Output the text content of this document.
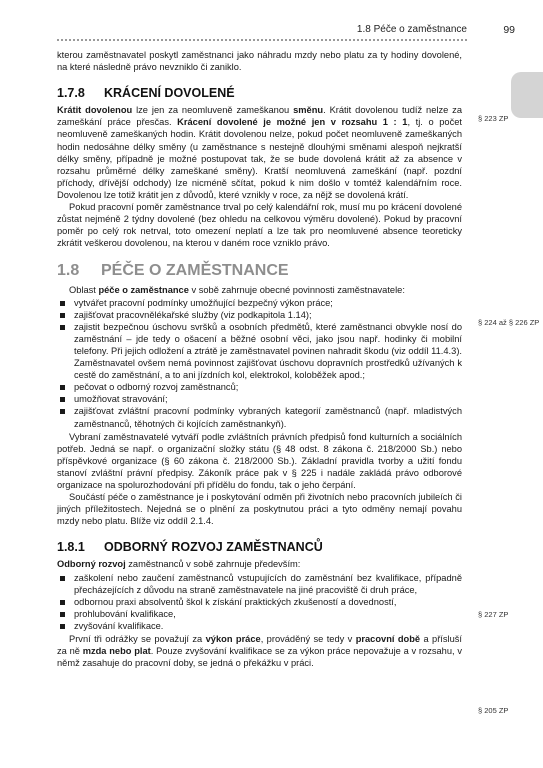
1.8 Péče o zaměstnance	99
§ 223 ZP
§ 224 až § 226 ZP
§ 227 ZP
§ 205 ZP

kterou zaměstnavatel poskytl zaměstnanci jako náhradu mzdy nebo platu za ty hodiny dovolené, na které následně právo nevzniklo či zaniklo.

1.7.8 KRÁCENÍ DOVOLENÉ

Krátit dovolenou lze jen za neomluveně zameškanou směnu. Krátit dovolenou tudíž nelze za zameškání práce přesčas. Krácení dovolené je možné jen v rozsahu 1 : 1, tj. o počet neomluveně zameškaných hodin. Krátit dovolenou nelze, pokud počet neomluveně zameškaných hodin nedosáhne délky směny (u zaměstnance s nestejně dlouhými směnami alespoň nejkratší délky směny, případně je možné postupovat tak, že se bude dovolená krátit až za absence v rozsahu průměrné délky zameškané směny). Kratší neomluvená zameškání (např. pozdní příchody, dřívější odchody) lze nicméně sčítat, pokud k nim došlo v tomtéž kalendářním roce. Dovolenou lze totiž krátit jen z důvodů, které vznikly v roce, za nějž se dovolená krátí.

Pokud pracovní poměr zaměstnance trval po celý kalendářní rok, musí mu po krácení dovolené zůstat nejméně 2 týdny dovolené (bez ohledu na celkovou výměru dovolené). Pokud by pracovní poměr po celý rok netrval, toto omezení neplatí a lze tak pro neomluvené absence teoreticky zkrátit veškerou dovolenou, na kterou v daném roce vzniklo právo.

1.8 PÉČE O ZAMĚSTNANCE

Oblast péče o zaměstnance v sobě zahrnuje obecné povinnosti zaměstnavatele:

vytvářet pracovní podmínky umožňující bezpečný výkon práce;
zajišťovat pracovnělékařské služby (viz podkapitola 1.14);
zajistit bezpečnou úschovu svršků a osobních předmětů, které zaměstnanci obvykle nosí do zaměstnání – jde tedy o ošacení a běžné osobní věci, jako jsou např. hodinky či mobilní telefony. Při jejich odložení a ztrátě je zaměstnavatel povinen nahradit škodu (viz oddíl 11.4.3). Zaměstnavatel ovšem nemá povinnost zajišťovat úschovu dopravních prostředků užívaných k cestě do zaměstnání, a to ani jízdních kol, elektrokol, koloběžek apod.;
pečovat o odborný rozvoj zaměstnanců;
umožňovat stravování;
zajišťovat zvláštní pracovní podmínky vybraných kategorií zaměstnanců (např. mladistvých zaměstnanců, těhotných či kojících zaměstnankyň).

Vybraní zaměstnavatelé vytváří podle zvláštních právních předpisů fond kulturních a sociálních potřeb. Jedná se např. o organizační složky státu (§ 48 odst. 8 zákona č. 218/2000 Sb.) nebo příspěvkové organizace (§ 60 zákona č. 218/2000 Sb.). Základní pravidla tvorby a užití fondu stanoví zvláštní právní předpisy. Zákoník práce pak v § 225 i nadále zakládá právo odborové organizace na spolurozhodování při přídělu do fondu, tak o jeho čerpání.

Součástí péče o zaměstnance je i poskytování odměn při životních nebo pracovních jubileích či jiných příležitostech. Nejedná se o plnění za poskytnutou práci a tyto odměny nemají povahu mzdy nebo platu. Blíže viz oddíl 2.1.4.

1.8.1 ODBORNÝ ROZVOJ ZAMĚSTNANCŮ

Odborný rozvoj zaměstnanců v sobě zahrnuje především:

zaškolení nebo zaučení zaměstnanců vstupujících do zaměstnání bez kvalifikace, případně přecházejících z důvodu na straně zaměstnavatele na jiné pracoviště či druh práce,
odbornou praxi absolventů škol k získání praktických zkušeností a dovedností,
prohlubování kvalifikace,
zvyšování kvalifikace.

První tři odrážky se považují za výkon práce, prováděný se tedy v pracovní době a přísluší za ně mzda nebo plat. Pouze zvyšování kvalifikace se za výkon práce nepovažuje a v rozsahu, v němž zasahuje do pracovní doby, se jedná o překážku v práci.
